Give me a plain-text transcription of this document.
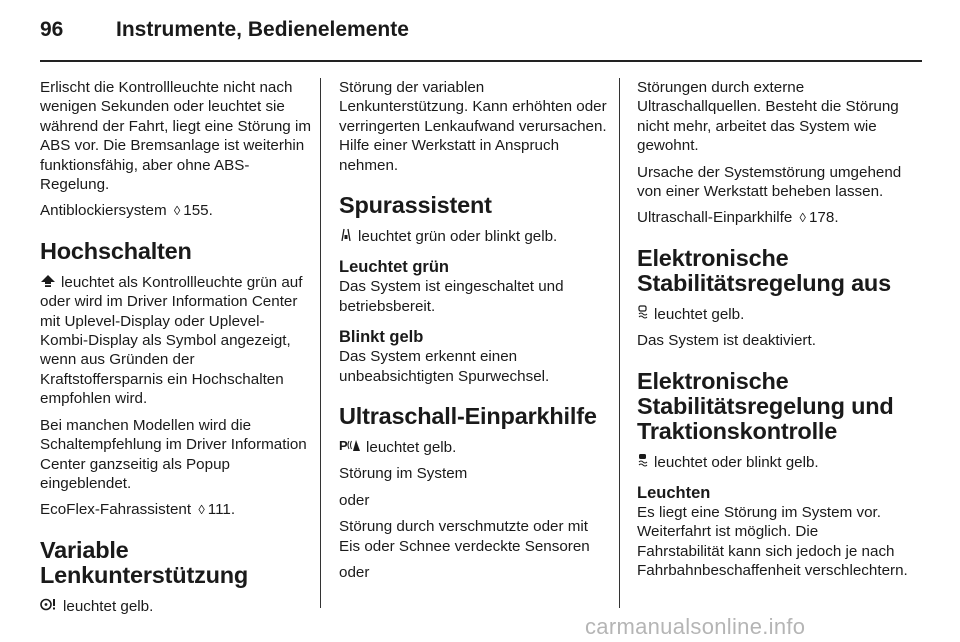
96	Instrumente, Bedienelemente

Erlischt die Kontrollleuchte nicht nach wenigen Sekunden oder leuchtet sie während der Fahrt, liegt eine Störung im ABS vor. Die Bremsanlage ist weiterhin funktionsfähig, aber ohne ABS-Regelung.

Antiblockiersystem ◊ 155.

Hochschalten

leuchtet als Kontrollleuchte grün auf oder wird im Driver Information Center mit Uplevel-Display oder Uplevel-Kombi-Display als Symbol angezeigt, wenn aus Gründen der Kraftstoffersparnis ein Hochschalten empfohlen wird.

Bei manchen Modellen wird die Schaltempfehlung im Driver Information Center ganzseitig als Popup eingeblendet.

EcoFlex-Fahrassistent ◊ 111.

Variable
Lenkunterstützung

leuchtet gelb.

Störung der variablen Lenkunterstützung. Kann erhöhten oder verringerten Lenkaufwand verursachen. Hilfe einer Werkstatt in Anspruch nehmen.

Spurassistent

leuchtet grün oder blinkt gelb.

Leuchtet grün

Das System ist eingeschaltet und betriebsbereit.

Blinkt gelb

Das System erkennt einen unbeabsichtigten Spurwechsel.

Ultraschall-Einparkhilfe

P leuchtet gelb.

Störung im System

oder

Störung durch verschmutzte oder mit Eis oder Schnee verdeckte Sensoren

oder

Störungen durch externe Ultraschallquellen. Besteht die Störung nicht mehr, arbeitet das System wie gewohnt.

Ursache der Systemstörung umgehend von einer Werkstatt beheben lassen.

Ultraschall-Einparkhilfe ◊ 178.

Elektronische
Stabilitätsregelung aus

leuchtet gelb.

Das System ist deaktiviert.

Elektronische
Stabilitätsregelung und
Traktionskontrolle

leuchtet oder blinkt gelb.

Leuchten

Es liegt eine Störung im System vor. Weiterfahrt ist möglich. Die Fahrstabilität kann sich jedoch je nach Fahrbahnbeschaffenheit verschlechtern.

carmanualsonline.info
